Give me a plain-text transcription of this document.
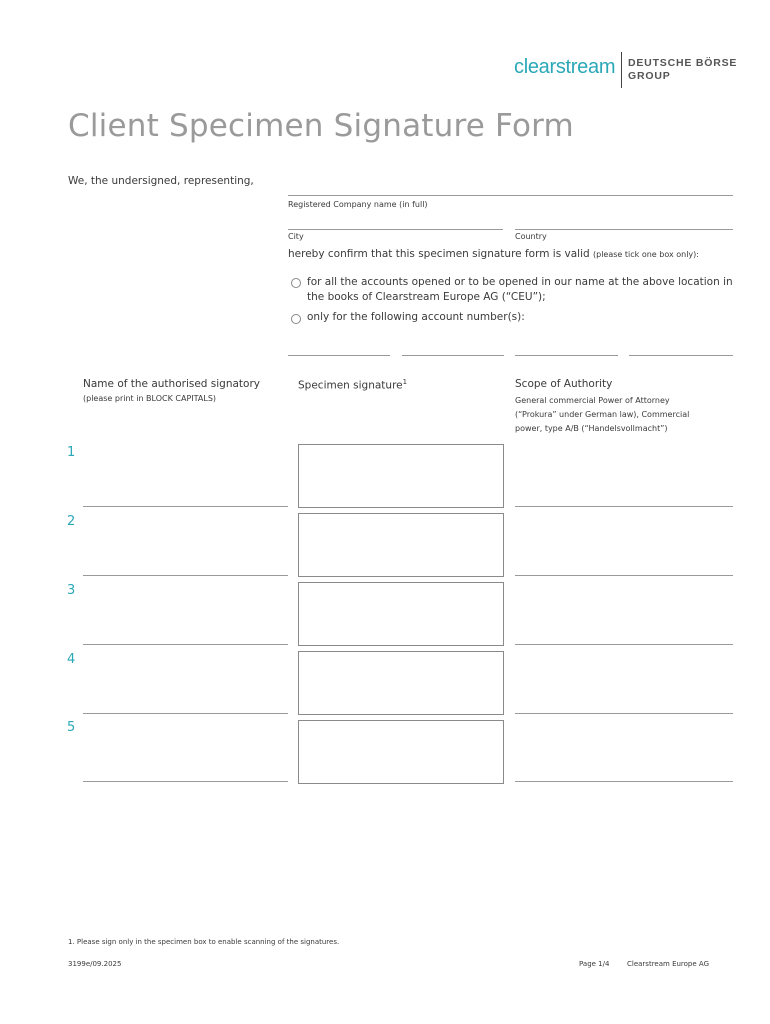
clearstream DEUTSCHE BÖRSE
GROUP
Client Specimen Signature Form
We, the undersigned, representing,
Registered Company name (in full)
City	Country
hereby confirm that this specimen signature form is valid (please tick one box only):
for all the accounts opened or to be opened in our name at the above location in
the books of Clearstream Europe AG (“CEU”);
only for the following account number(s):
Name of the authorised signatory
(please print in BLOCK CAPITALS)
Specimen signature$^1$	Scope of Authority
General commercial Power of Attorney
(“Prokura” under German law), Commercial
power, type A/B (“Handelsvollmacht”)
1
2
3
4
5
1. Please sign only in the specimen box to enable scanning of the signatures.
3199e/09.2025	Page 1/4	Clearstream Europe AG
